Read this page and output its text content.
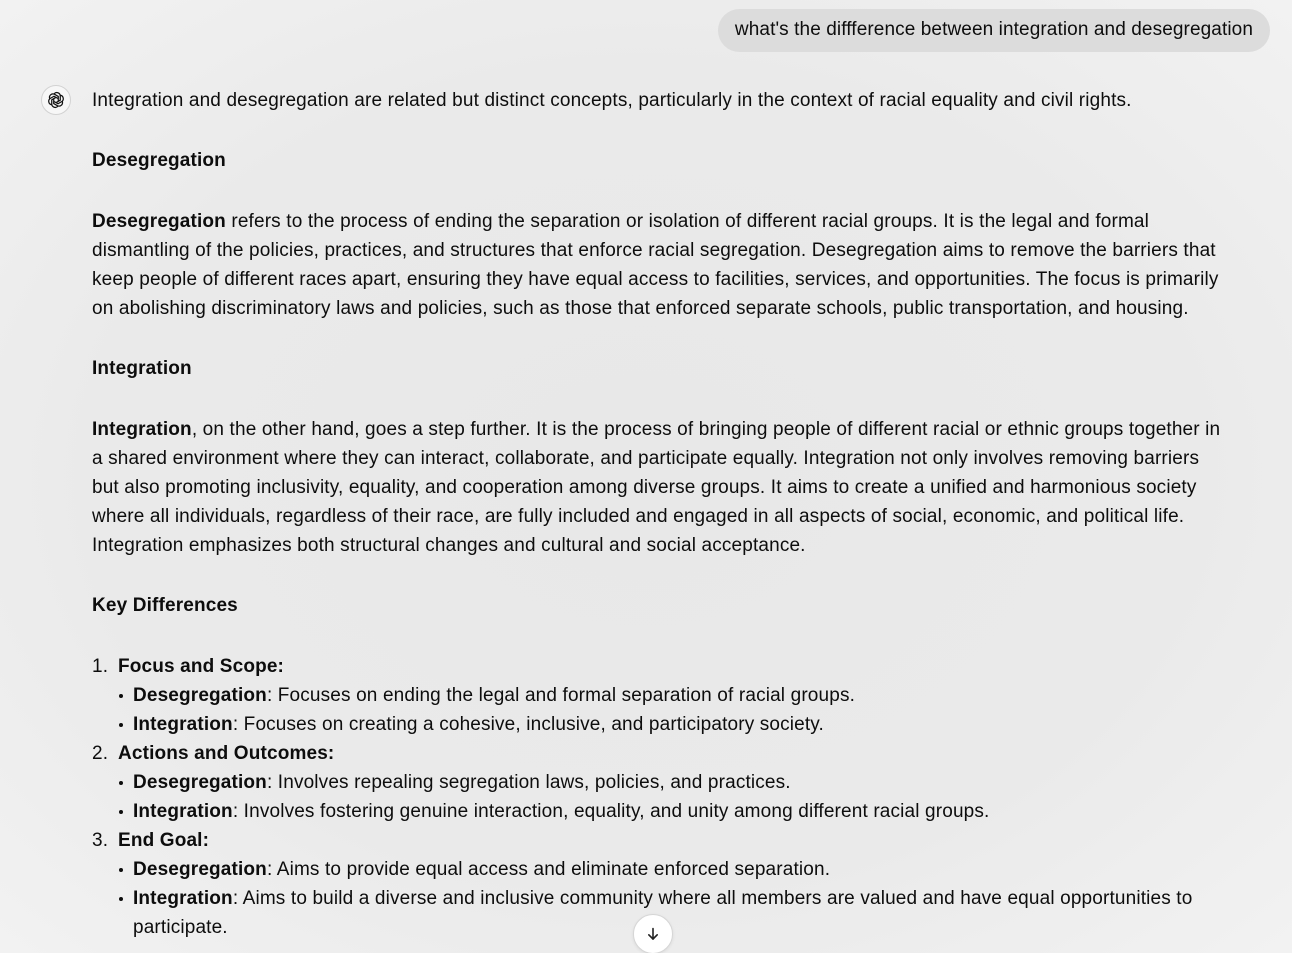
what's the diffference between integration and desegregation

Integration and desegregation are related but distinct concepts, particularly in the context of racial equality and civil rights.

Desegregation

Desegregation refers to the process of ending the separation or isolation of different racial groups. It is the legal and formal dismantling of the policies, practices, and structures that enforce racial segregation. Desegregation aims to remove the barriers that keep people of different races apart, ensuring they have equal access to facilities, services, and opportunities. The focus is primarily on abolishing discriminatory laws and policies, such as those that enforced separate schools, public transportation, and housing.

Integration

Integration, on the other hand, goes a step further. It is the process of bringing people of different racial or ethnic groups together in a shared environment where they can interact, collaborate, and participate equally. Integration not only involves removing barriers but also promoting inclusivity, equality, and cooperation among diverse groups. It aims to create a unified and harmonious society where all individuals, regardless of their race, are fully included and engaged in all aspects of social, economic, and political life. Integration emphasizes both structural changes and cultural and social acceptance.

Key Differences
Focus and Scope:
Desegregation: Focuses on ending the legal and formal separation of racial groups.
Integration: Focuses on creating a cohesive, inclusive, and participatory society.
Actions and Outcomes:
Desegregation: Involves repealing segregation laws, policies, and practices.
Integration: Involves fostering genuine interaction, equality, and unity among different racial groups.
End Goal:
Desegregation: Aims to provide equal access and eliminate enforced separation.
Integration: Aims to build a diverse and inclusive community where all members are valued and have equal opportunities to participate.
